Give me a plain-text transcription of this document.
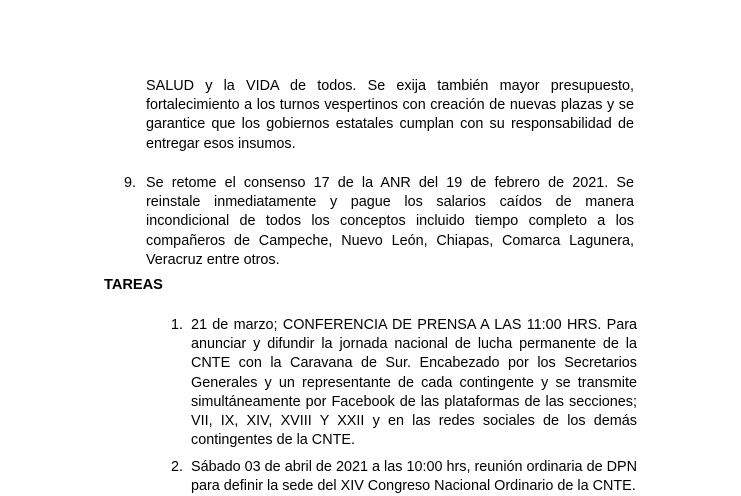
SALUD y la VIDA de todos. Se exija también mayor presupuesto, fortalecimiento a los turnos vespertinos con creación de nuevas plazas y se garantice que los gobiernos estatales cumplan con su responsabilidad de entregar esos insumos.
9. Se retome el consenso 17 de la ANR del 19 de febrero de 2021. Se reinstale inmediatamente y pague los salarios caídos de manera incondicional de todos los conceptos incluido tiempo completo a los compañeros de Campeche, Nuevo León, Chiapas, Comarca Lagunera, Veracruz entre otros.
TAREAS
1. 21 de marzo; CONFERENCIA DE PRENSA A LAS 11:00 HRS. Para anunciar y difundir la jornada nacional de lucha permanente de la CNTE con la Caravana de Sur. Encabezado por los Secretarios Generales y un representante de cada contingente y se transmite simultáneamente por Facebook de las plataformas de las secciones; VII, IX, XIV, XVIII Y XXII y en las redes sociales de los demás contingentes de la CNTE.
2. Sábado 03 de abril de 2021 a las 10:00 hrs, reunión ordinaria de DPN para definir la sede del XIV Congreso Nacional Ordinario de la CNTE.
